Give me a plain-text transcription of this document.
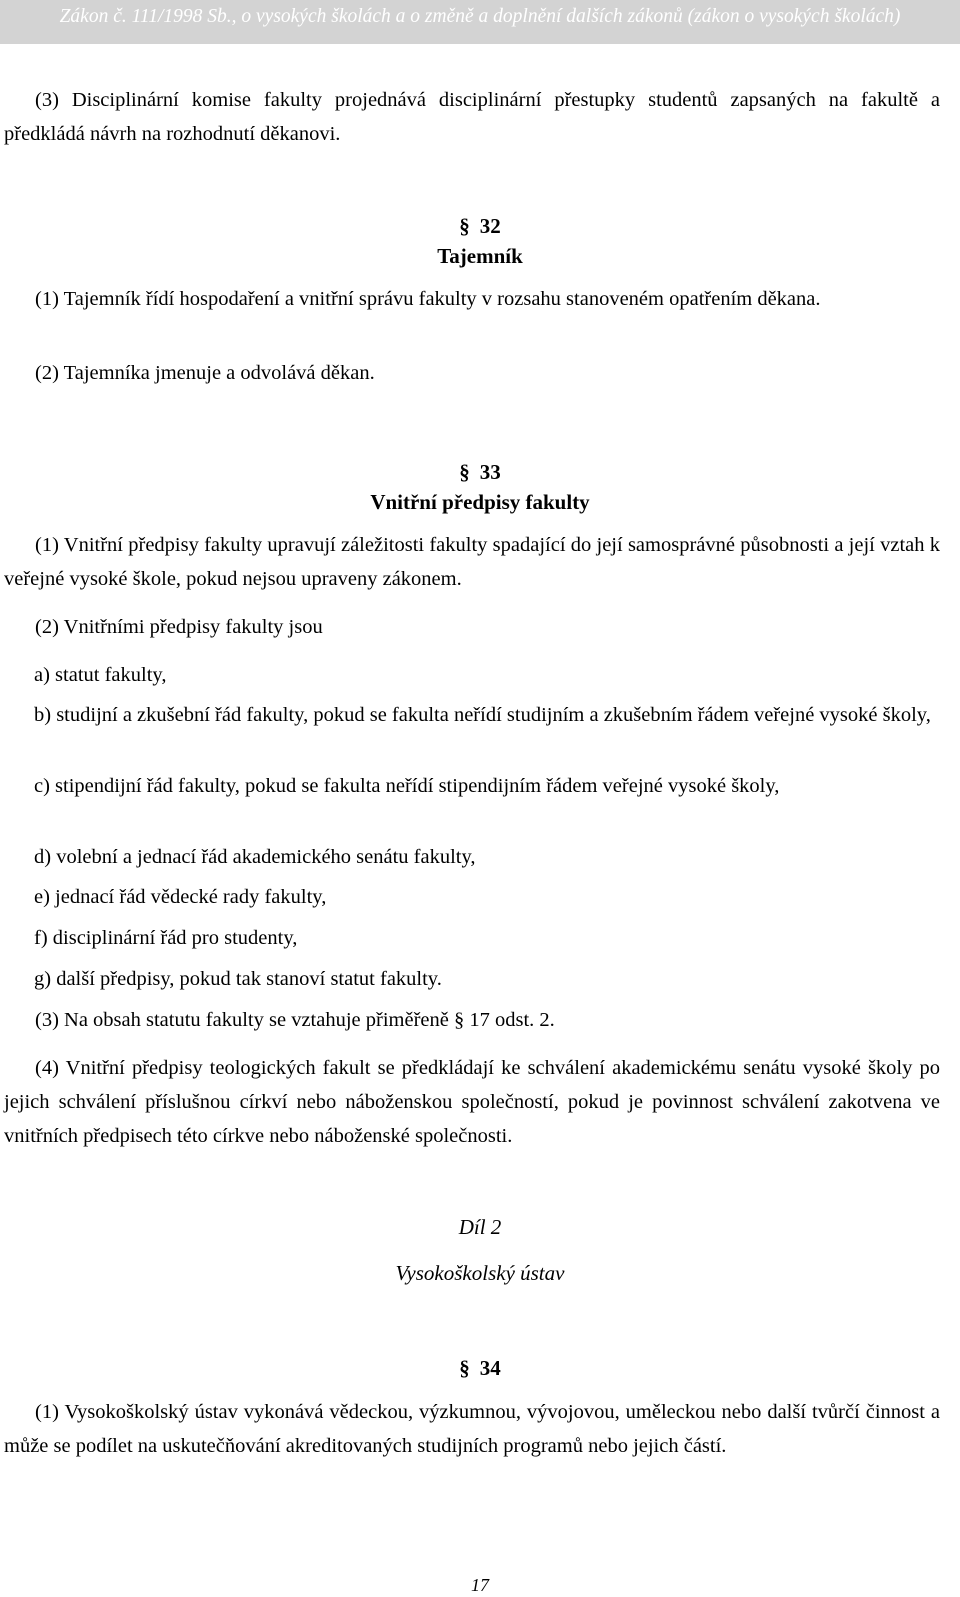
Zákon č. 111/1998 Sb., o vysokých školách a o změně a doplnění dalších zákonů (zákon o vysokých školách)

(3) Disciplinární komise fakulty projednává disciplinární přestupky studentů zapsaných na fakultě a předkládá návrh na rozhodnutí děkanovi.

§ 32
Tajemník

(1) Tajemník řídí hospodaření a vnitřní správu fakulty v rozsahu stanoveném opatřením děkana.

(2) Tajemníka jmenuje a odvolává děkan.

§ 33
Vnitřní předpisy fakulty

(1) Vnitřní předpisy fakulty upravují záležitosti fakulty spadající do její samosprávné působnosti a její vztah k veřejné vysoké škole, pokud nejsou upraveny zákonem.

(2) Vnitřními předpisy fakulty jsou

a) statut fakulty,

b) studijní a zkušební řád fakulty, pokud se fakulta neřídí studijním a zkušebním řádem veřejné vysoké školy,

c) stipendijní řád fakulty, pokud se fakulta neřídí stipendijním řádem veřejné vysoké školy,

d) volební a jednací řád akademického senátu fakulty,

e) jednací řád vědecké rady fakulty,

f) disciplinární řád pro studenty,

g) další předpisy, pokud tak stanoví statut fakulty.

(3) Na obsah statutu fakulty se vztahuje přiměřeně § 17 odst. 2.

(4) Vnitřní předpisy teologických fakult se předkládají ke schválení akademickému senátu vysoké školy po jejich schválení příslušnou církví nebo náboženskou společností, pokud je povinnost schválení zakotvena ve vnitřních předpisech této církve nebo náboženské společnosti.

Díl 2
Vysokoškolský ústav
§ 34

(1) Vysokoškolský ústav vykonává vědeckou, výzkumnou, vývojovou, uměleckou nebo další tvůrčí činnost a může se podílet na uskutečňování akreditovaných studijních programů nebo jejich částí.

17
